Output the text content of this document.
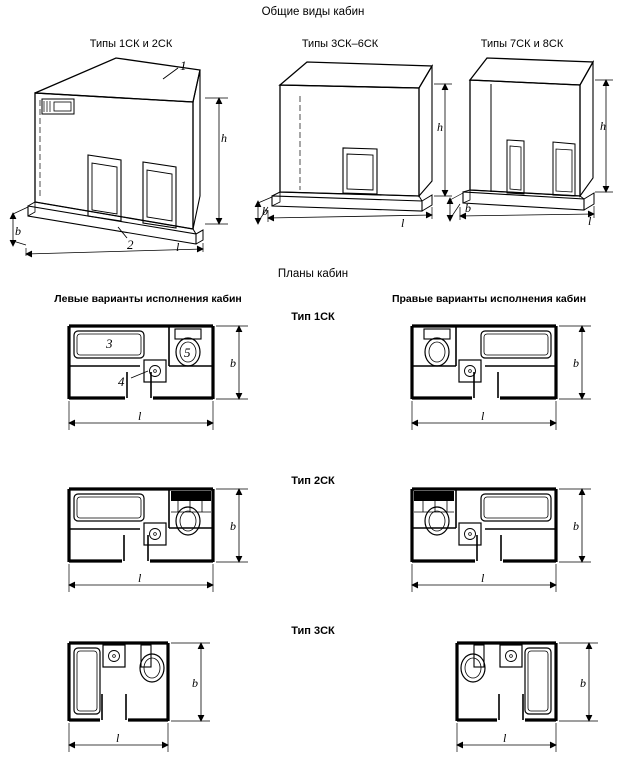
Общие виды кабин
Планы кабин
Типы 1СК и 2СК	Типы 3СК–6СК	Типы 7СК и 8СК
Левые варианты исполнения кабин	Правые варианты исполнения кабин
Тип 1СК
Тип 2СК
Тип 3СК
h
b
l
h
b
l
h
b
l
b
l
b
l
b
l
b
l
b
l
b
l
1
2
3
4
5
